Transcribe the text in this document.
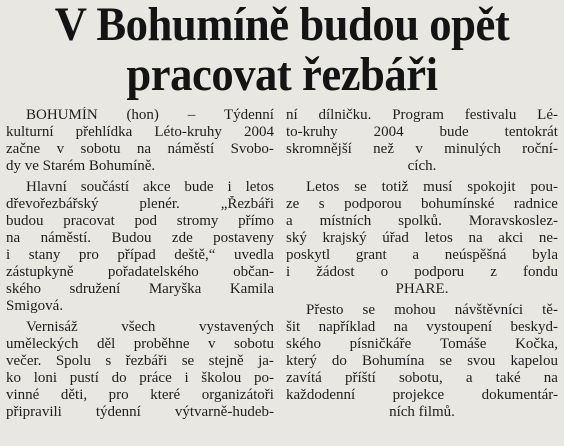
V Bohumíně budou opět
pracovat řezbáři
BOHUMÍN (hon) – Týdenní
kulturní přehlídka Léto-kruhy 2004
začne v sobotu na náměstí Svobo-
dy ve Starém Bohumíně.
Hlavní součástí akce bude i letos
dřevořezbářský	plenér.	„Řezbáři
budou pracovat pod stromy přímo
na náměstí. Budou zde postaveny
i stany pro případ deště,“ uvedla
zástupkyně pořadatelského občan-
ského sdružení Maryška Kamila
Smigová.
Vernisáž	všech	vystavených
uměleckých děl proběhne v sobotu
večer. Spolu s řezbáři se stejně ja-
ko loni pustí do práce i školou po-
vinné děti, pro které organizátoři
připravili týdenní výtvarně-hudeb-
ní dílničku. Program festivalu Lé-
to-kruhy 2004 bude tentokrát
skromnější než v minulých roční-
cích.
Letos se totiž musí spokojit pou-
ze s podporou bohumínské radnice
a místních spolků. Moravskoslez-
ský krajský úřad letos na akci ne-
poskytl grant a neúspěšná byla
i žádost o podporu z fondu
PHARE.
Přesto se mohou návštěvníci tě-
šit například na vystoupení beskyd-
ského písničkáře Tomáše Kočka,
který do Bohumína se svou kapelou
zavítá příští sobotu, a také na
každodenní projekce dokumentár-
ních filmů.
